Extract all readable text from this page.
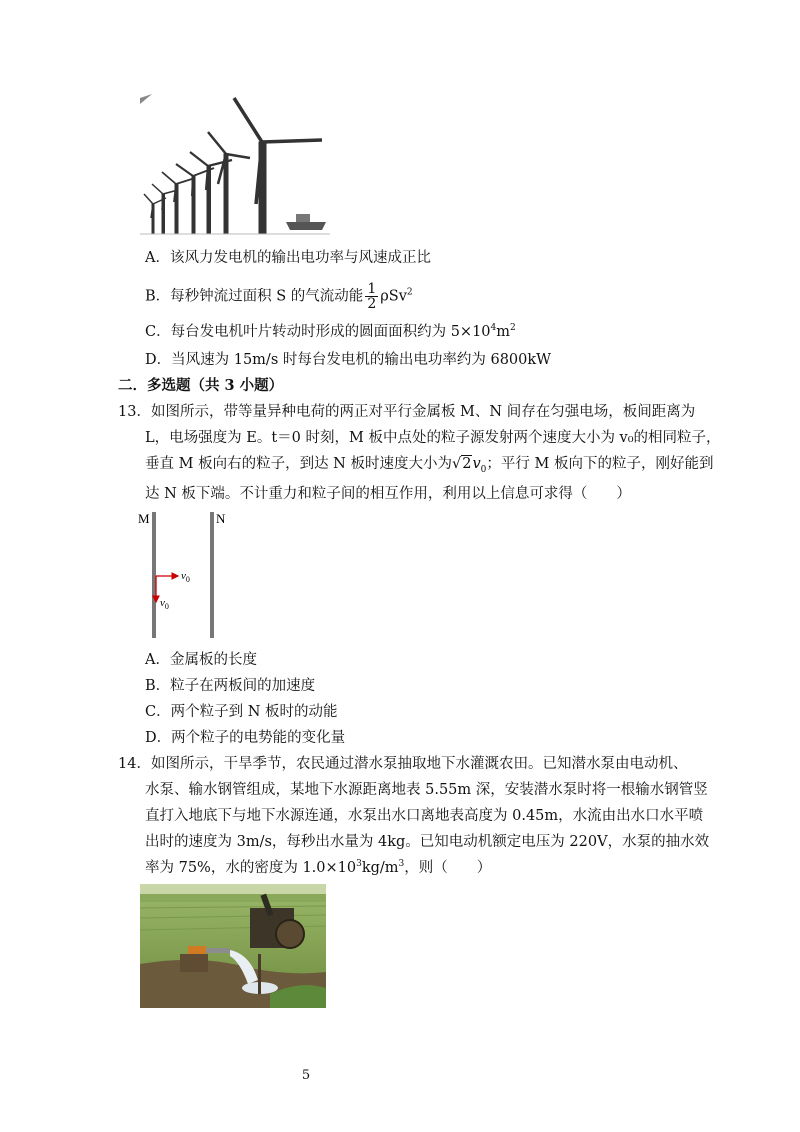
A．该风力发电机的输出电功率与风速成正比
B．每秒钟流过面积 S 的气流动能 $\frac{1}{2} \rho Sv^2$
C．每台发电机叶片转动时形成的圆面面积约为 $5\times 10^4m^2$
D．当风速为 15m/s 时每台发电机的输出电功率约为 6800kW
二．多选题（共 3 小题）
13．如图所示，带等量异种电荷的两正对平行金属板 M、N 间存在匀强电场，板间距离为
L，电场强度为 E。t＝0 时刻，M 板中点处的粒子源发射两个速度大小为 v₀的相同粒子，
垂直 M 板向右的粒子，到达 N 板时速度大小为$√2v_0$；平行 M 板向下的粒子，刚好能到
达 N 板下端。不计重力和粒子间的相互作用，利用以上信息可求得（　　）
M	N
$v_0$
$v_0$
A．金属板的长度
B．粒子在两板间的加速度
C．两个粒子到 N 板时的动能
D．两个粒子的电势能的变化量
14．如图所示，干旱季节，农民通过潜水泵抽取地下水灌溉农田。已知潜水泵由电动机、
水泵、输水钢管组成，某地下水源距离地表 5.55m 深，安装潜水泵时将一根输水钢管竖
直打入地底下与地下水源连通，水泵出水口离地表高度为 0.45m，水流由出水口水平喷
出时的速度为 3m/s，每秒出水量为 4kg。已知电动机额定电压为 220V，水泵的抽水效
率为 75%，水的密度为 $1.0\times 10^3kg/m^3$，则（　　）
5
